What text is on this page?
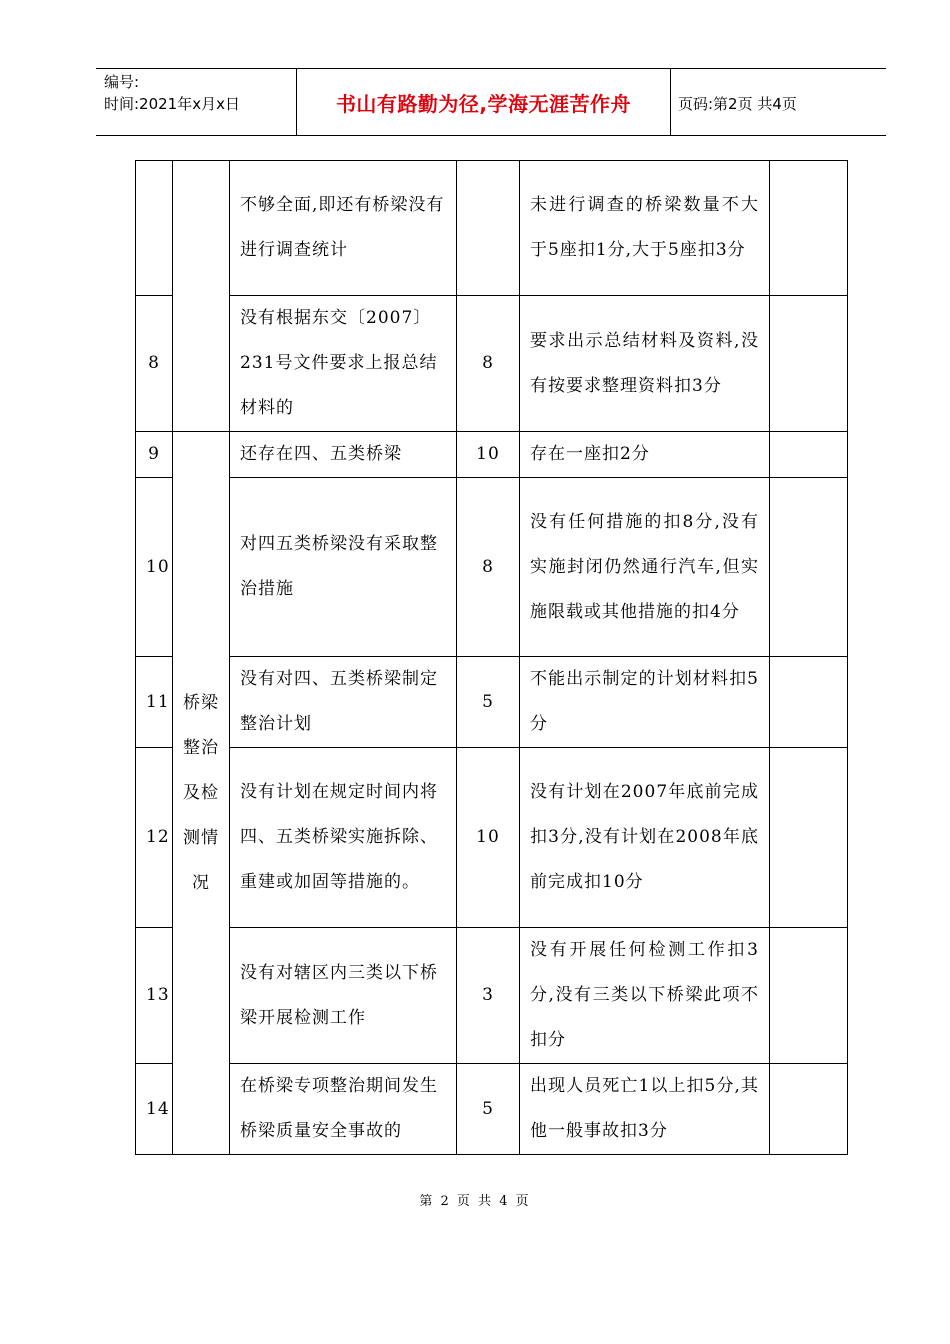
编号:
时间:2021年x月x日	书山有路勤为径,学海无涯苦作舟	页码:第2页 共4页
		不够全面,即还有桥梁没有进行调查统计		未进行调查的桥梁数量不大于5座扣1分,大于5座扣3分	
8		没有根据东交〔2007〕231号文件要求上报总结材料的	8	要求出示总结材料及资料,没有按要求整理资料扣3分	
9	桥梁整治及检测情况	还存在四、五类桥梁	10	存在一座扣2分	
10		对四五类桥梁没有采取整治措施	8	没有任何措施的扣8分,没有实施封闭仍然通行汽车,但实施限载或其他措施的扣4分	
11		没有对四、五类桥梁制定整治计划	5	不能出示制定的计划材料扣5分	
12		没有计划在规定时间内将四、五类桥梁实施拆除、重建或加固等措施的。	10	没有计划在2007年底前完成扣3分,没有计划在2008年底前完成扣10分	
13		没有对辖区内三类以下桥梁开展检测工作	3	没有开展任何检测工作扣3分,没有三类以下桥梁此项不扣分	
14		在桥梁专项整治期间发生桥梁质量安全事故的	5	出现人员死亡1以上扣5分,其他一般事故扣3分	
第 2 页 共 4 页
